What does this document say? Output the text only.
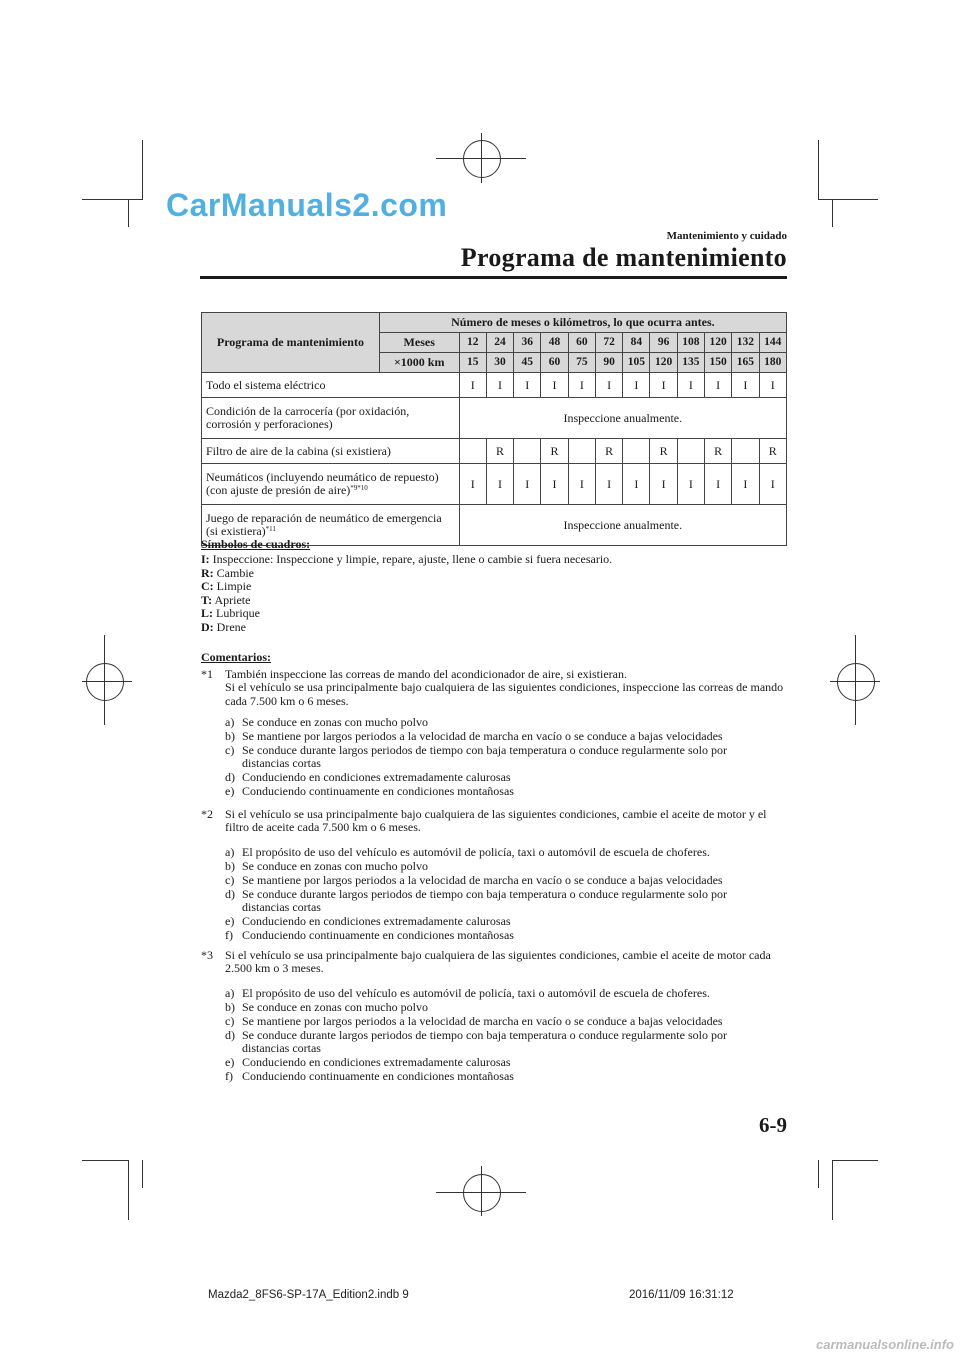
CarManuals2.com
Mantenimiento y cuidado
Programa de mantenimiento
Programa de mantenimiento	Número de meses o kilómetros, lo que ocurra antes.												
	Meses	12	24	36	48	60	72	84	96	108	120	132	144
	×1000 km	15	30	45	60	75	90	105	120	135	150	165	180
Todo el sistema eléctrico		I	I	I	I	I	I	I	I	I	I	I	I
Condición de la carrocería (por oxidación, corrosión y perforaciones)		Inspeccione anualmente.											
Filtro de aire de la cabina (si existiera)			R		R		R		R		R		R
Neumáticos (incluyendo neumático de repuesto) (con ajuste de presión de aire)$^{*9*10}$		I	I	I	I	I	I	I	I	I	I	I	I
Juego de reparación de neumático de emergencia (si existiera)$^{*11}$		Inspeccione anualmente.											
Símbolos de cuadros:
I: Inspeccione: Inspeccione y limpie, repare, ajuste, llene o cambie si fuera necesario.
R: Cambie
C: Limpie
T: Apriete
L: Lubrique
D: Drene
Comentarios:
*1 También inspeccione las correas de mando del acondicionador de aire, si existieran.
Si el vehículo se usa principalmente bajo cualquiera de las siguientes condiciones, inspeccione las correas de mando cada 7.500 km o 6 meses.
a) Se conduce en zonas con mucho polvo
b) Se mantiene por largos periodos a la velocidad de marcha en vacío o se conduce a bajas velocidades
c) Se conduce durante largos periodos de tiempo con baja temperatura o conduce regularmente solo por distancias cortas
d) Conduciendo en condiciones extremadamente calurosas
e) Conduciendo continuamente en condiciones montañosas
*2 Si el vehículo se usa principalmente bajo cualquiera de las siguientes condiciones, cambie el aceite de motor y el filtro de aceite cada 7.500 km o 6 meses.
a) El propósito de uso del vehículo es automóvil de policía, taxi o automóvil de escuela de choferes.
b) Se conduce en zonas con mucho polvo
c) Se mantiene por largos periodos a la velocidad de marcha en vacío o se conduce a bajas velocidades
d) Se conduce durante largos periodos de tiempo con baja temperatura o conduce regularmente solo por distancias cortas
e) Conduciendo en condiciones extremadamente calurosas
f) Conduciendo continuamente en condiciones montañosas
*3 Si el vehículo se usa principalmente bajo cualquiera de las siguientes condiciones, cambie el aceite de motor cada 2.500 km o 3 meses.
a) El propósito de uso del vehículo es automóvil de policía, taxi o automóvil de escuela de choferes.
b) Se conduce en zonas con mucho polvo
c) Se mantiene por largos periodos a la velocidad de marcha en vacío o se conduce a bajas velocidades
d) Se conduce durante largos periodos de tiempo con baja temperatura o conduce regularmente solo por distancias cortas
e) Conduciendo en condiciones extremadamente calurosas
f) Conduciendo continuamente en condiciones montañosas
6-9
Mazda2_8FS6-SP-17A_Edition2.indb 9	2016/11/09 16:31:12
carmanualsonline.info
